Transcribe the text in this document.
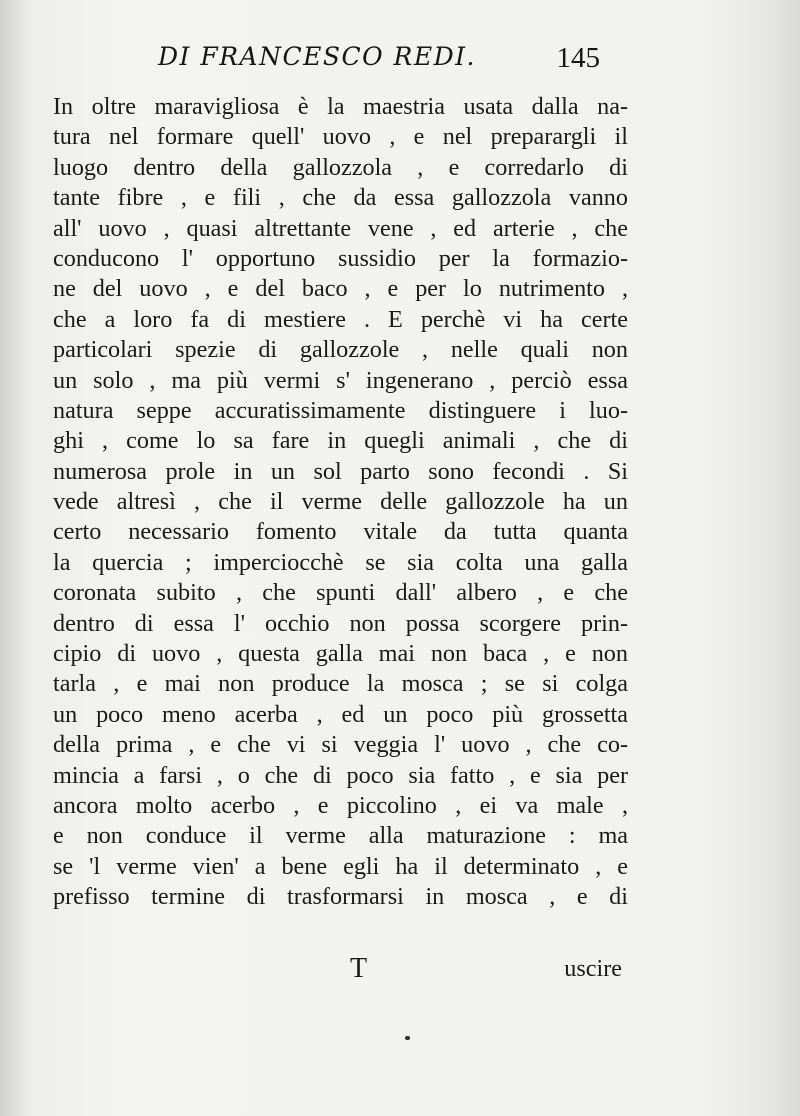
DI FRANCESCO REDI.	145
In oltre maravigliosa è la maestria usata dalla na-
tura nel formare quell' uovo , e nel preparargli il
luogo dentro della gallozzola , e corredarlo di
tante fibre , e fili , che da essa gallozzola vanno
all' uovo , quasi altrettante vene , ed arterie , che
conducono l' opportuno sussidio per la formazio-
ne del uovo , e del baco , e per lo nutrimento ,
che a loro fa di mestiere . E perchè vi ha certe
particolari spezie di gallozzole , nelle quali non
un solo , ma più vermi s' ingenerano , perciò essa
natura seppe accuratissimamente distinguere i luo-
ghi , come lo sa fare in quegli animali , che di
numerosa prole in un sol parto sono fecondi . Si
vede altresì , che il verme delle gallozzole ha un
certo necessario fomento vitale da tutta quanta
la quercia ; imperciocchè se sia colta una galla
coronata subito , che spunti dall' albero , e che
dentro di essa l' occhio non possa scorgere prin-
cipio di uovo , questa galla mai non baca , e non
tarla , e mai non produce la mosca ; se si colga
un poco meno acerba , ed un poco più grossetta
della prima , e che vi si veggia l' uovo , che co-
mincia a farsi , o che di poco sia fatto , e sia per
ancora molto acerbo , e piccolino , ei va male ,
e non conduce il verme alla maturazione : ma
se 'l verme vien' a bene egli ha il determinato , e
prefisso termine di trasformarsi in mosca , e di
T	uscire
